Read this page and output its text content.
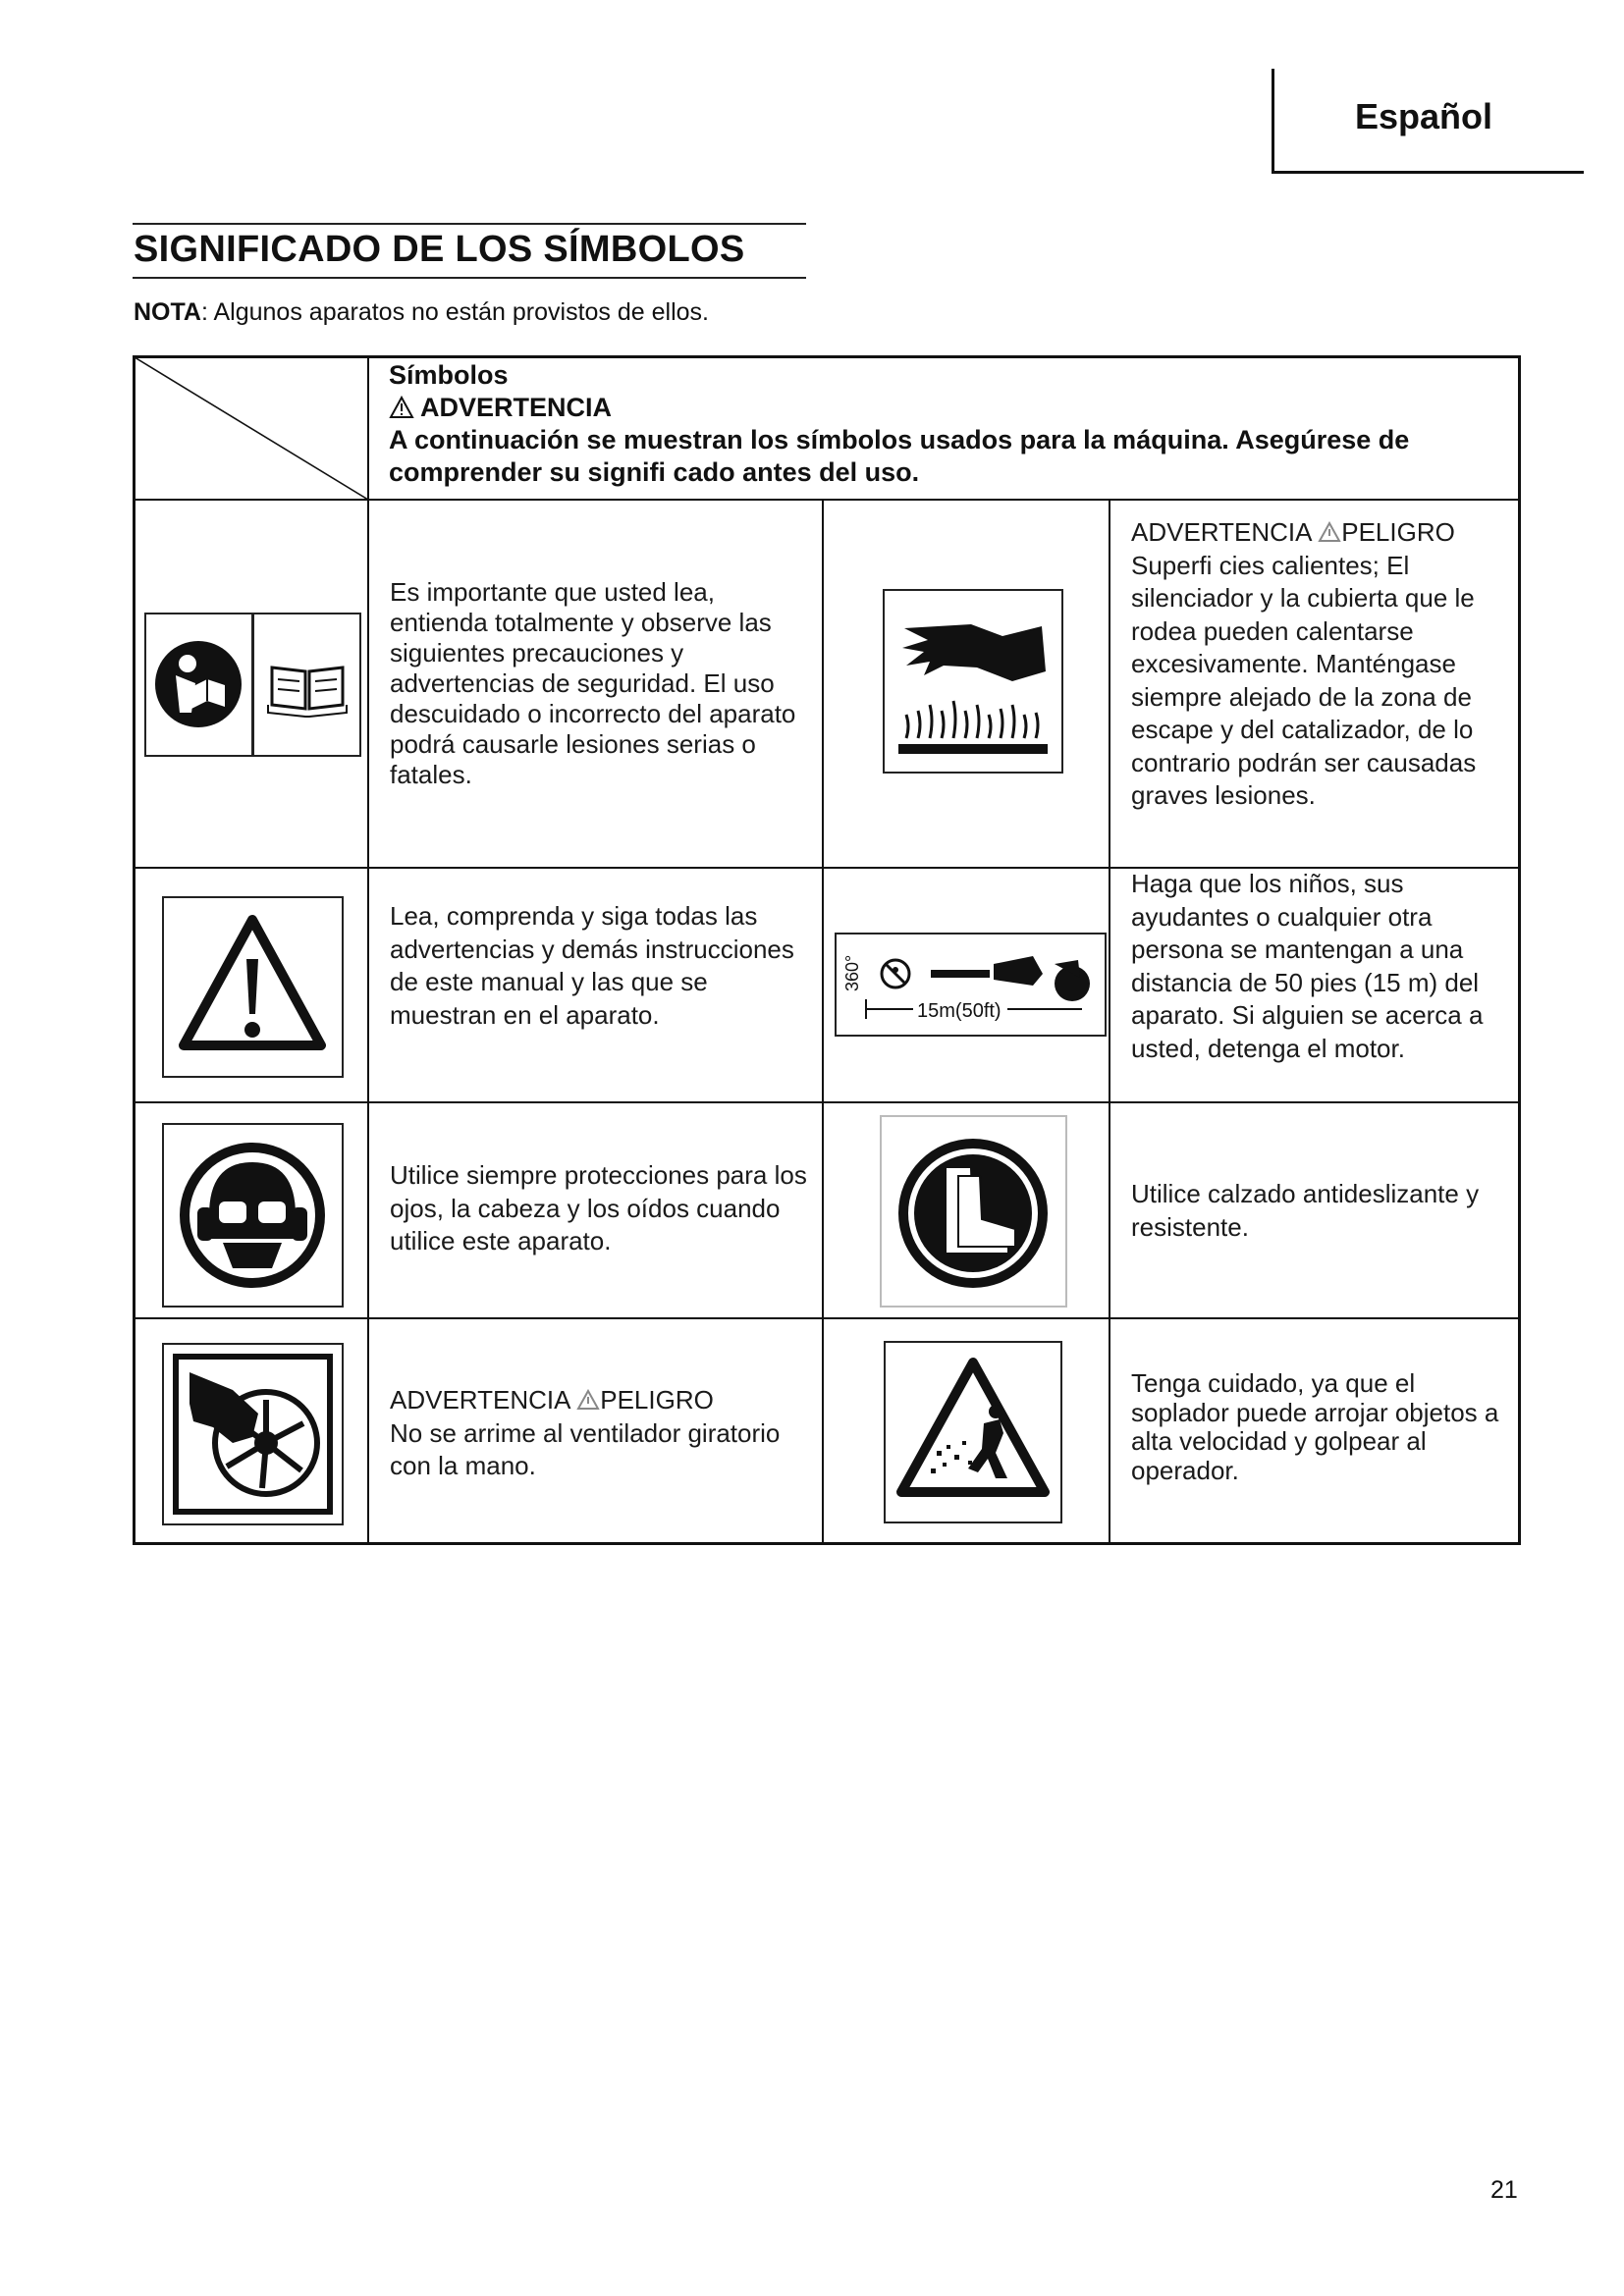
Español
SIGNIFICADO DE LOS SÍMBOLOS
NOTA: Algunos aparatos no están provistos de ellos.
Símbolos
ADVERTENCIA
A continuación se muestran los símbolos usados para la máquina. Asegúrese de comprender su signifi cado antes del uso.
Es importante que usted lea, entienda totalmente y observe las siguientes precauciones y advertencias de seguridad. El uso descuidado o incorrecto del aparato podrá causarle lesiones serias o fatales.
ADVERTENCIA PELIGRO
Superfi cies calientes; El silenciador y la cubierta que le rodea pueden calentarse excesivamente. Manténgase siempre alejado de la zona de escape y del catalizador, de lo contrario podrán ser causadas graves lesiones.
Lea, comprenda y siga todas las advertencias y demás instrucciones de este manual y las que se muestran en el aparato.
360°
15m(50ft)
Haga que los niños, sus ayudantes o cualquier otra persona se mantengan a una distancia de 50 pies (15 m) del aparato. Si alguien se acerca a usted, detenga el motor.
Utilice siempre protecciones para los ojos, la cabeza y los oídos cuando utilice este aparato.
Utilice calzado antideslizante y resistente.
ADVERTENCIA PELIGRO
No se arrime al ventilador giratorio con la mano.
Tenga cuidado, ya que el soplador puede arrojar objetos a alta velocidad y golpear al operador.
21
